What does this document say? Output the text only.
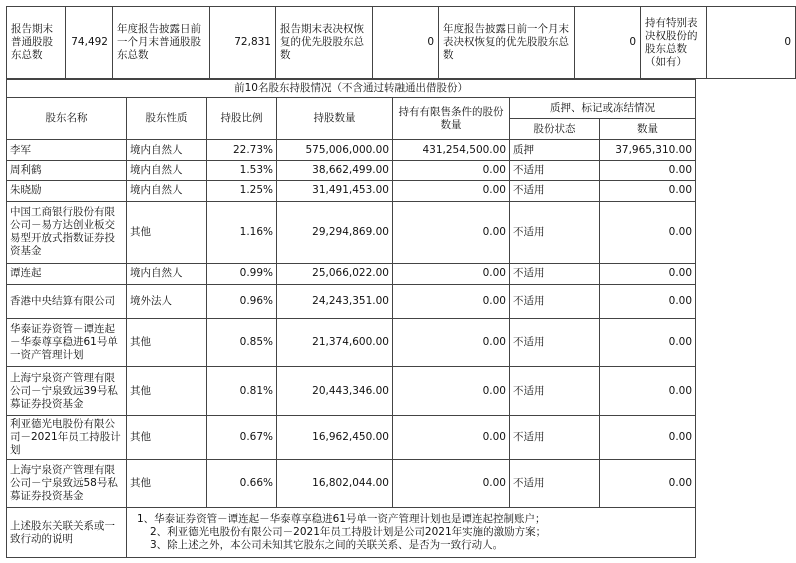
报告期末普通股股东总数	74,492	年度报告披露日前一个月末普通股股东总数	72,831	报告期末表决权恢复的优先股股东总数	0	年度报告披露日前一个月末表决权恢复的优先股股东总数	0	持有特别表决权股份的股东总数（如有）	0
前10名股东持股情况（不含通过转融通出借股份）						
股东名称	股东性质	持股比例	持股数量	持有有限售条件的股份数量	质押、标记或冻结情况	
					股份状态	数量
李军	境内自然人	22.73%	575,006,000.00	431,254,500.00	质押	37,965,310.00
周利鹤	境内自然人	1.53%	38,662,499.00	0.00	不适用	0.00
朱晓励	境内自然人	1.25%	31,491,453.00	0.00	不适用	0.00
中国工商银行股份有限公司－易方达创业板交易型开放式指数证券投资基金	其他	1.16%	29,294,869.00	0.00	不适用	0.00
谭连起	境内自然人	0.99%	25,066,022.00	0.00	不适用	0.00
香港中央结算有限公司	境外法人	0.96%	24,243,351.00	0.00	不适用	0.00
华泰证券资管－谭连起－华泰尊享稳进61号单一资产管理计划	其他	0.85%	21,374,600.00	0.00	不适用	0.00
上海宁泉资产管理有限公司－宁泉致远39号私募证券投资基金	其他	0.81%	20,443,346.00	0.00	不适用	0.00
利亚德光电股份有限公司－2021年员工持股计划	其他	0.67%	16,962,450.00	0.00	不适用	0.00
上海宁泉资产管理有限公司－宁泉致远58号私募证券投资基金	其他	0.66%	16,802,044.00	0.00	不适用	0.00
上述股东关联关系或一致行动的说明	1、华泰证券资管－谭连起－华泰尊享稳进61号单一资产管理计划也是谭连起控制账户；
2、利亚德光电股份有限公司－2021年员工持股计划是公司2021年实施的激励方案；
3、除上述之外，本公司未知其它股东之间的关联关系、是否为一致行动人。					
